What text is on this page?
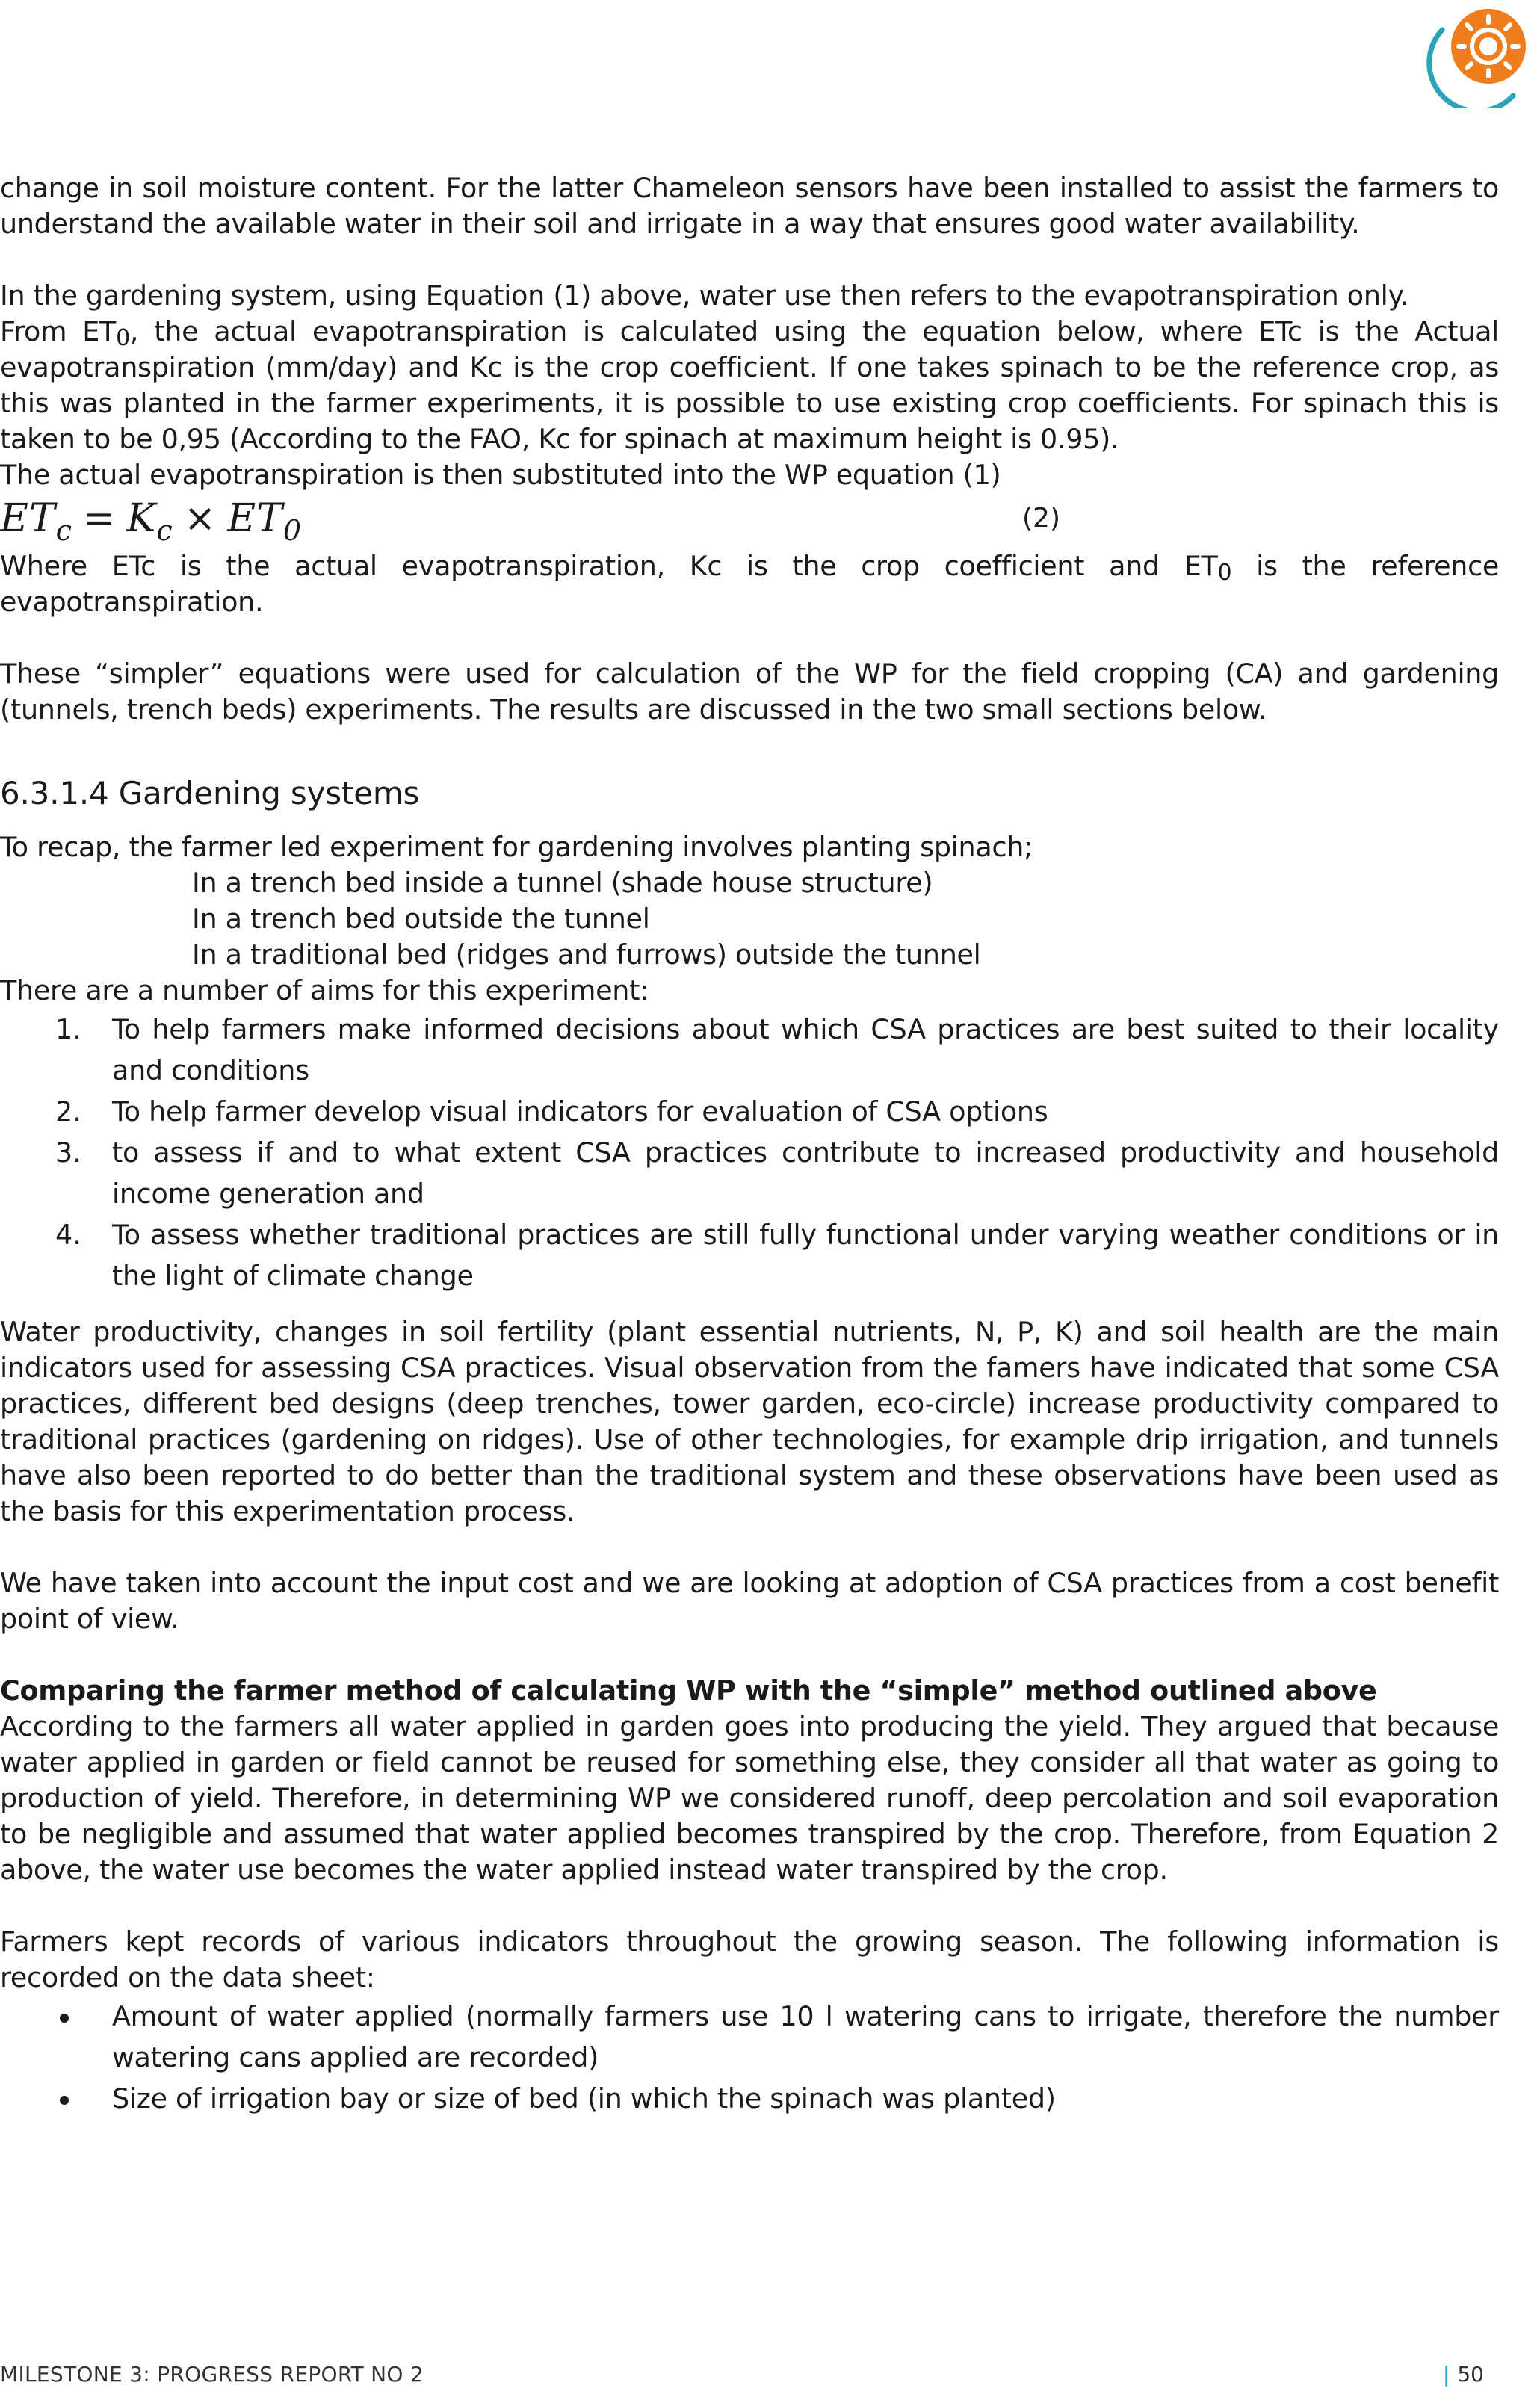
change in soil moisture content. For the latter Chameleon sensors have been installed to assist the farmers to understand the available water in their soil and irrigate in a way that ensures good water availability.

In the gardening system, using Equation (1) above, water use then refers to the evapotranspiration only.
From $ET_0$, the actual evapotranspiration is calculated using the equation below, where ETc is the Actual evapotranspiration (mm/day) and Kc is the crop coefficient. If one takes spinach to be the reference crop, as this was planted in the farmer experiments, it is possible to use existing crop coefficients. For spinach this is taken to be 0,95 (According to the FAO, Kc for spinach at maximum height is 0.95).

The actual evapotranspiration is then substituted into the WP equation (1)

$ET_c = K_c \times ET_0$	(2)

Where ETc is the actual evapotranspiration, Kc is the crop coefficient and $ET_0$ is the reference evapotranspiration.

These “simpler” equations were used for calculation of the WP for the field cropping (CA) and gardening (tunnels, trench beds) experiments. The results are discussed in the two small sections below.

6.3.1.4 Gardening systems

To recap, the farmer led experiment for gardening involves planting spinach;

In a trench bed inside a tunnel (shade house structure)

In a trench bed outside the tunnel

In a traditional bed (ridges and furrows) outside the tunnel

There are a number of aims for this experiment:

1. To help farmers make informed decisions about which CSA practices are best suited to their locality and conditions
2. To help farmer develop visual indicators for evaluation of CSA options
3. to assess if and to what extent CSA practices contribute to increased productivity and household income generation and
4. To assess whether traditional practices are still fully functional under varying weather conditions or in the light of climate change

Water productivity, changes in soil fertility (plant essential nutrients, N, P, K) and soil health are the main indicators used for assessing CSA practices. Visual observation from the famers have indicated that some CSA practices, different bed designs (deep trenches, tower garden, eco-circle) increase productivity compared to traditional practices (gardening on ridges). Use of other technologies, for example drip irrigation, and tunnels have also been reported to do better than the traditional system and these observations have been used as the basis for this experimentation process.

We have taken into account the input cost and we are looking at adoption of CSA practices from a cost benefit point of view.

Comparing the farmer method of calculating WP with the “simple” method outlined above

According to the farmers all water applied in garden goes into producing the yield. They argued that because water applied in garden or field cannot be reused for something else, they consider all that water as going to production of yield. Therefore, in determining WP we considered runoff, deep percolation and soil evaporation to be negligible and assumed that water applied becomes transpired by the crop. Therefore, from Equation 2 above, the water use becomes the water applied instead water transpired by the crop.

Farmers kept records of various indicators throughout the growing season. The following information is recorded on the data sheet:

Amount of water applied (normally farmers use 10 l watering cans to irrigate, therefore the number watering cans applied are recorded)
Size of irrigation bay or size of bed (in which the spinach was planted)
MILESTONE 3: PROGRESS REPORT NO 2	| 50
